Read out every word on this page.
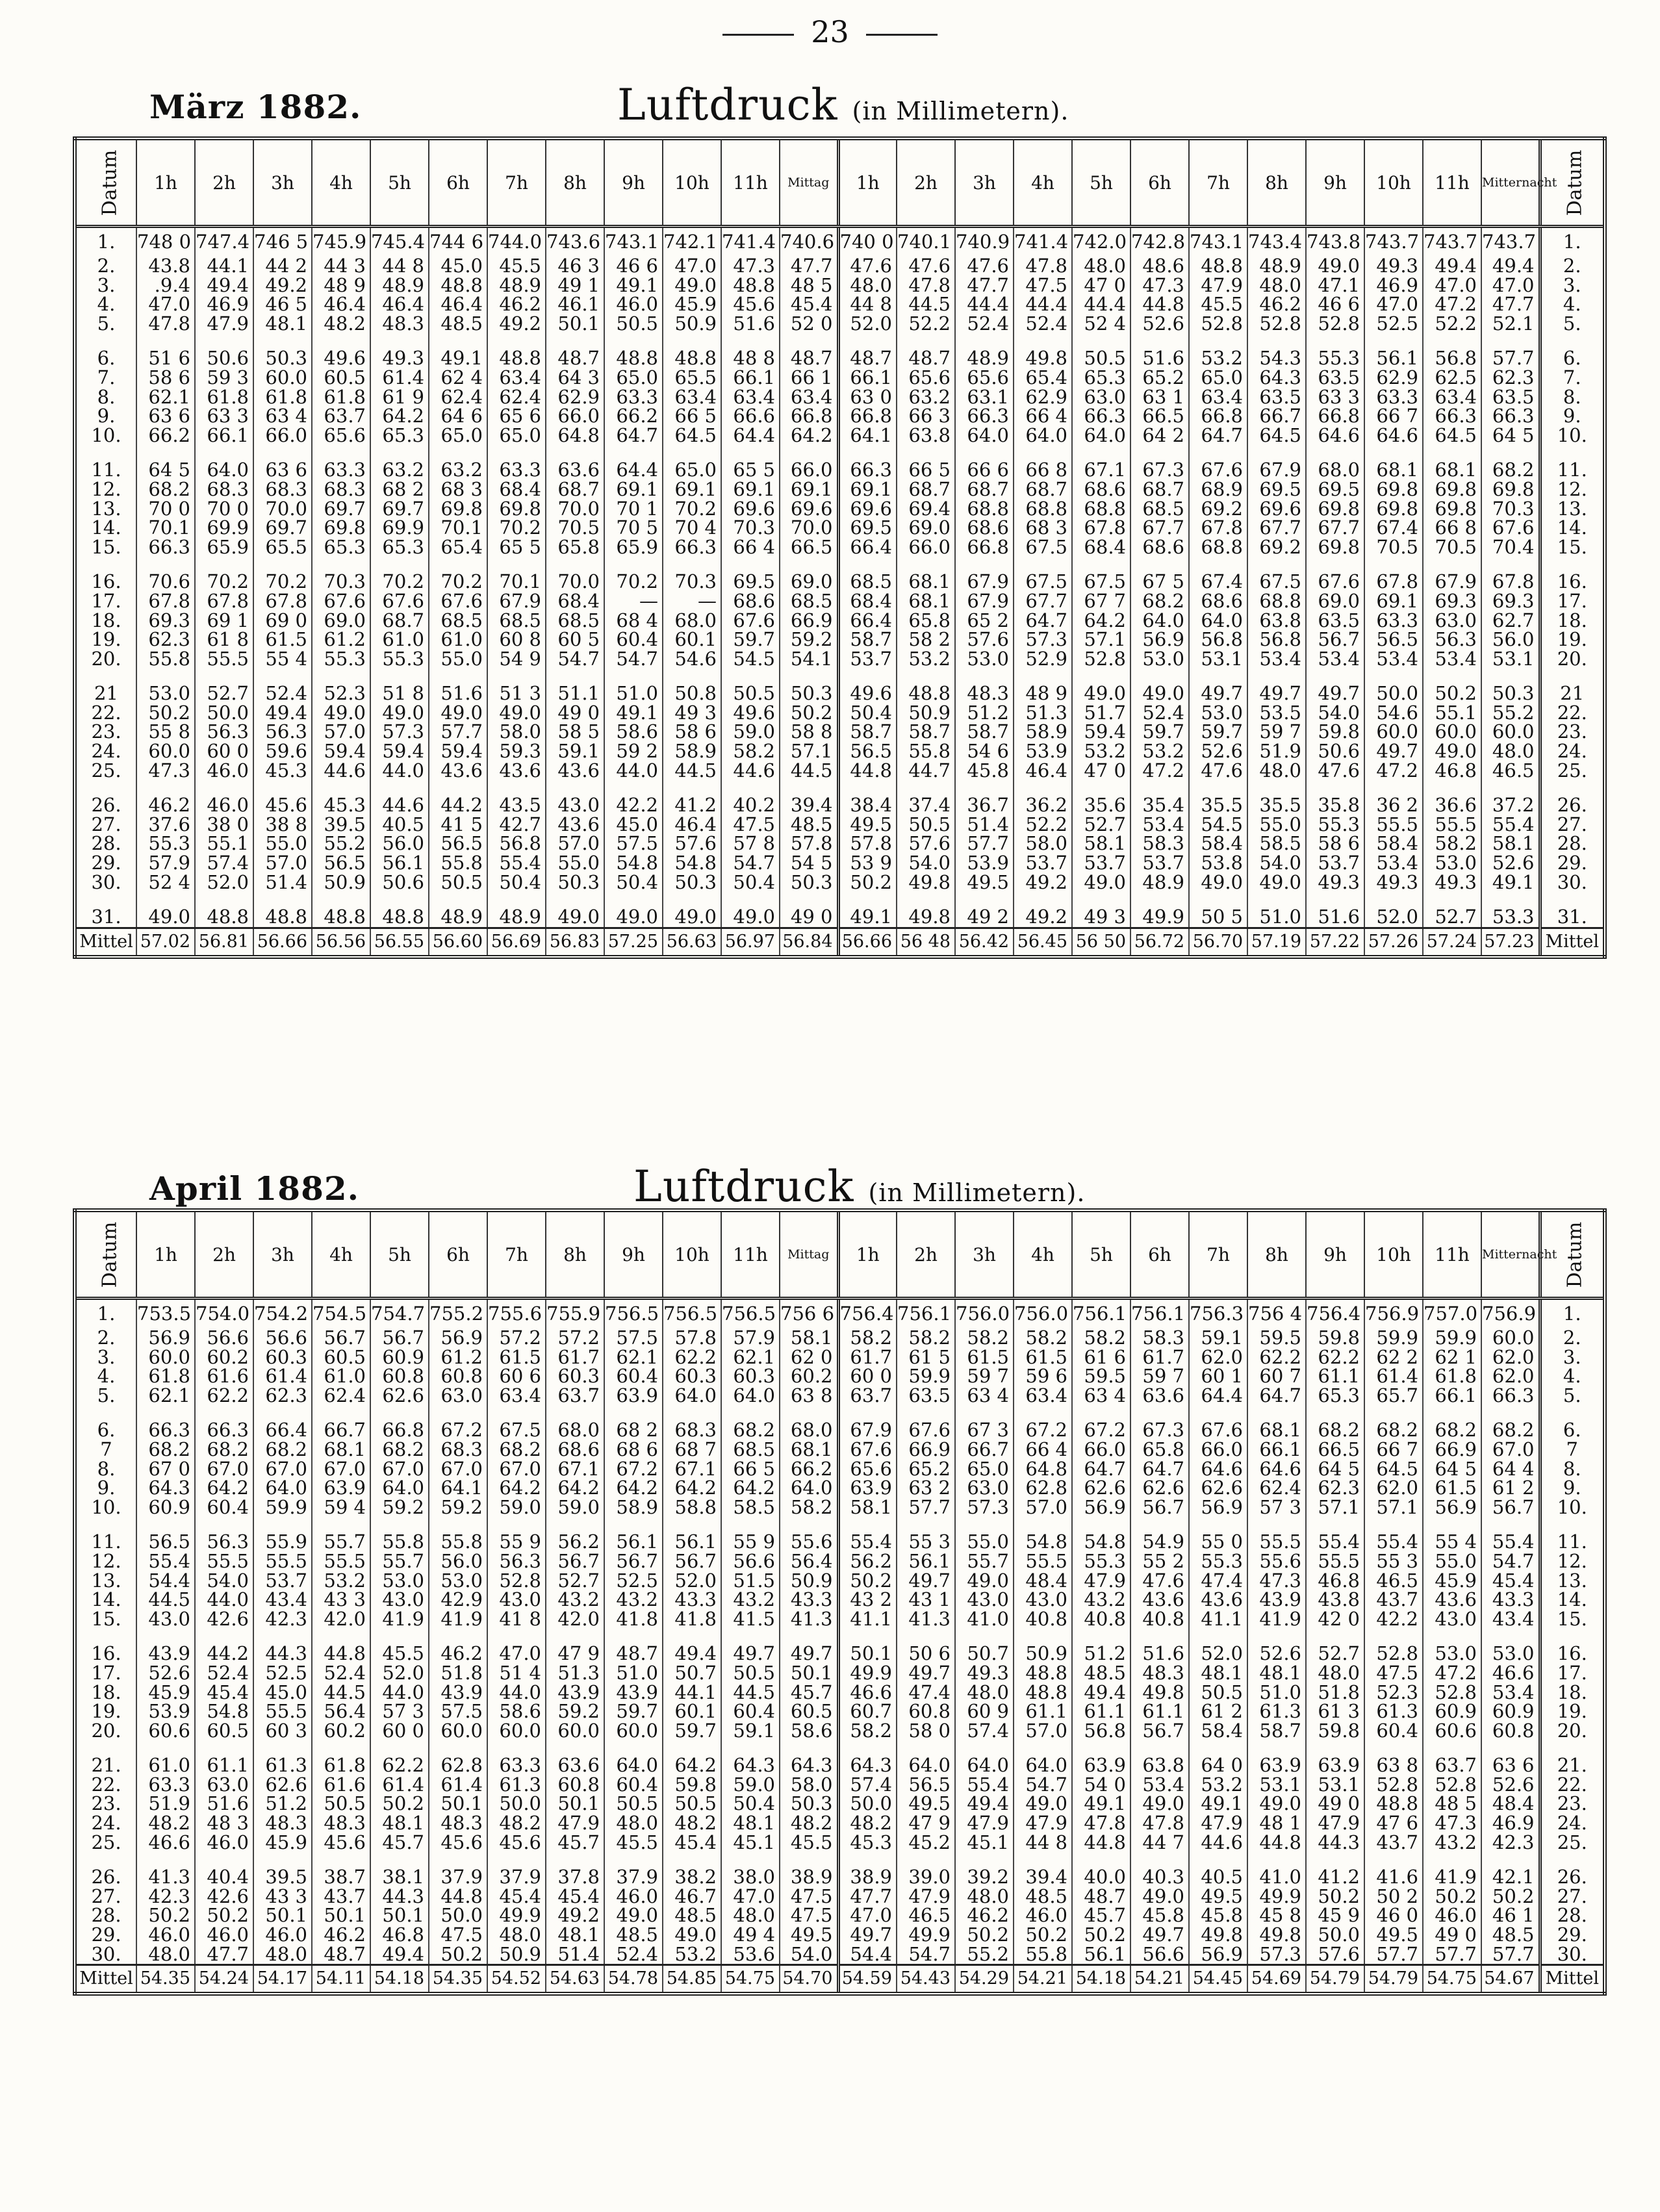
23
März 1882.	Luftdruck (in Millimetern).
Datum	1h	2h	3h	4h	5h	6h	7h	8h	9h	10h	11h	Mittag	1h	2h	3h	4h	5h	6h	7h	8h	9h	10h	11h	Mitternacht	Datum
1.	748 0	747.4	746 5	745.9	745.4	744 6	744.0	743.6	743.1	742.1	741.4	740.6	740 0	740.1	740.9	741.4	742.0	742.8	743.1	743.4	743.8	743.7	743.7	743.7	1.
2.	43.8	44.1	44 2	44 3	44 8	45.0	45.5	46 3	46 6	47.0	47.3	47.7	47.6	47.6	47.6	47.8	48.0	48.6	48.8	48.9	49.0	49.3	49.4	49.4	2.
3.	.9.4	49.4	49.2	48 9	48.9	48.8	48.9	49 1	49.1	49.0	48.8	48 5	48.0	47.8	47.7	47.5	47 0	47.3	47.9	48.0	47.1	46.9	47.0	47.0	3.
4.	47.0	46.9	46 5	46.4	46.4	46.4	46.2	46.1	46.0	45.9	45.6	45.4	44 8	44.5	44.4	44.4	44.4	44.8	45.5	46.2	46 6	47.0	47.2	47.7	4.
5.	47.8	47.9	48.1	48.2	48.3	48.5	49.2	50.1	50.5	50.9	51.6	52 0	52.0	52.2	52.4	52.4	52 4	52.6	52.8	52.8	52.8	52.5	52.2	52.1	5.

6.	51 6	50.6	50.3	49.6	49.3	49.1	48.8	48.7	48.8	48.8	48 8	48.7	48.7	48.7	48.9	49.8	50.5	51.6	53.2	54.3	55.3	56.1	56.8	57.7	6.
7.	58 6	59 3	60.0	60.5	61.4	62 4	63.4	64 3	65.0	65.5	66.1	66 1	66.1	65.6	65.6	65.4	65.3	65.2	65.0	64.3	63.5	62.9	62.5	62.3	7.
8.	62.1	61.8	61.8	61.8	61 9	62.4	62.4	62.9	63.3	63.4	63.4	63.4	63 0	63.2	63.1	62.9	63.0	63 1	63.4	63.5	63 3	63.3	63.4	63.5	8.
9.	63 6	63 3	63 4	63.7	64.2	64 6	65 6	66.0	66.2	66 5	66.6	66.8	66.8	66 3	66.3	66 4	66.3	66.5	66.8	66.7	66.8	66 7	66.3	66.3	9.
10.	66.2	66.1	66.0	65.6	65.3	65.0	65.0	64.8	64.7	64.5	64.4	64.2	64.1	63.8	64.0	64.0	64.0	64 2	64.7	64.5	64.6	64.6	64.5	64 5	10.

11.	64 5	64.0	63 6	63.3	63.2	63.2	63.3	63.6	64.4	65.0	65 5	66.0	66.3	66 5	66 6	66 8	67.1	67.3	67.6	67.9	68.0	68.1	68.1	68.2	11.
12.	68.2	68.3	68.3	68.3	68 2	68 3	68.4	68.7	69.1	69.1	69.1	69.1	69.1	68.7	68.7	68.7	68.6	68.7	68.9	69.5	69.5	69.8	69.8	69.8	12.
13.	70 0	70 0	70.0	69.7	69.7	69.8	69.8	70.0	70 1	70.2	69.6	69.6	69.6	69.4	68.8	68.8	68.8	68.5	69.2	69.6	69.8	69.8	69.8	70.3	13.
14.	70.1	69.9	69.7	69.8	69.9	70.1	70.2	70.5	70 5	70 4	70.3	70.0	69.5	69.0	68.6	68 3	67.8	67.7	67.8	67.7	67.7	67.4	66 8	67.6	14.
15.	66.3	65.9	65.5	65.3	65.3	65.4	65 5	65.8	65.9	66.3	66 4	66.5	66.4	66.0	66.8	67.5	68.4	68.6	68.8	69.2	69.8	70.5	70.5	70.4	15.

16.	70.6	70.2	70.2	70.3	70.2	70.2	70.1	70.0	70.2	70.3	69.5	69.0	68.5	68.1	67.9	67.5	67.5	67 5	67.4	67.5	67.6	67.8	67.9	67.8	16.
17.	67.8	67.8	67.8	67.6	67.6	67.6	67.9	68.4	—	—	68.6	68.5	68.4	68.1	67.9	67.7	67 7	68.2	68.6	68.8	69.0	69.1	69.3	69.3	17.
18.	69.3	69 1	69 0	69.0	68.7	68.5	68.5	68.5	68 4	68.0	67.6	66.9	66.4	65.8	65 2	64.7	64.2	64.0	64.0	63.8	63.5	63.3	63.0	62.7	18.
19.	62.3	61 8	61.5	61.2	61.0	61.0	60 8	60 5	60.4	60.1	59.7	59.2	58.7	58 2	57.6	57.3	57.1	56.9	56.8	56.8	56.7	56.5	56.3	56.0	19.
20.	55.8	55.5	55 4	55.3	55.3	55.0	54 9	54.7	54.7	54.6	54.5	54.1	53.7	53.2	53.0	52.9	52.8	53.0	53.1	53.4	53.4	53.4	53.4	53.1	20.

21	53.0	52.7	52.4	52.3	51 8	51.6	51 3	51.1	51.0	50.8	50.5	50.3	49.6	48.8	48.3	48 9	49.0	49.0	49.7	49.7	49.7	50.0	50.2	50.3	21
22.	50.2	50.0	49.4	49.0	49.0	49.0	49.0	49 0	49.1	49 3	49.6	50.2	50.4	50.9	51.2	51.3	51.7	52.4	53.0	53.5	54.0	54.6	55.1	55.2	22.
23.	55 8	56.3	56.3	57.0	57.3	57.7	58.0	58 5	58.6	58 6	59.0	58 8	58.7	58.7	58.7	58.9	59.4	59.7	59.7	59 7	59.8	60.0	60.0	60.0	23.
24.	60.0	60 0	59.6	59.4	59.4	59.4	59.3	59.1	59 2	58.9	58.2	57.1	56.5	55.8	54 6	53.9	53.2	53.2	52.6	51.9	50.6	49.7	49.0	48.0	24.
25.	47.3	46.0	45.3	44.6	44.0	43.6	43.6	43.6	44.0	44.5	44.6	44.5	44.8	44.7	45.8	46.4	47 0	47.2	47.6	48.0	47.6	47.2	46.8	46.5	25.

26.	46.2	46.0	45.6	45.3	44.6	44.2	43.5	43.0	42.2	41.2	40.2	39.4	38.4	37.4	36.7	36.2	35.6	35.4	35.5	35.5	35.8	36 2	36.6	37.2	26.
27.	37.6	38 0	38 8	39.5	40.5	41 5	42.7	43.6	45.0	46.4	47.5	48.5	49.5	50.5	51.4	52.2	52.7	53.4	54.5	55.0	55.3	55.5	55.5	55.4	27.
28.	55.3	55.1	55.0	55.2	56.0	56.5	56.8	57.0	57.5	57.6	57 8	57.8	57.8	57.6	57.7	58.0	58.1	58.3	58.4	58.5	58 6	58.4	58.2	58.1	28.
29.	57.9	57.4	57.0	56.5	56.1	55.8	55.4	55.0	54.8	54.8	54.7	54 5	53 9	54.0	53.9	53.7	53.7	53.7	53.8	54.0	53.7	53.4	53.0	52.6	29.
30.	52 4	52.0	51.4	50.9	50.6	50.5	50.4	50.3	50.4	50.3	50.4	50.3	50.2	49.8	49.5	49.2	49.0	48.9	49.0	49.0	49.3	49.3	49.3	49.1	30.

31.	49.0	48.8	48.8	48.8	48.8	48.9	48.9	49.0	49.0	49.0	49.0	49 0	49.1	49.8	49 2	49.2	49 3	49.9	50 5	51.0	51.6	52.0	52.7	53.3	31.
Mittel	57.02	56.81	56.66	56.56	56.55	56.60	56.69	56.83	57.25	56.63	56.97	56.84	56.66	56 48	56.42	56.45	56 50	56.72	56.70	57.19	57.22	57.26	57.24	57.23	Mittel
April 1882.	Luftdruck (in Millimetern).
Datum	1h	2h	3h	4h	5h	6h	7h	8h	9h	10h	11h	Mittag	1h	2h	3h	4h	5h	6h	7h	8h	9h	10h	11h	Mitternacht	Datum
1.	753.5	754.0	754.2	754.5	754.7	755.2	755.6	755.9	756.5	756.5	756.5	756 6	756.4	756.1	756.0	756.0	756.1	756.1	756.3	756 4	756.4	756.9	757.0	756.9	1.
2.	56.9	56.6	56.6	56.7	56.7	56.9	57.2	57.2	57.5	57.8	57.9	58.1	58.2	58.2	58.2	58.2	58.2	58.3	59.1	59.5	59.8	59.9	59.9	60.0	2.
3.	60.0	60.2	60.3	60.5	60.9	61.2	61.5	61.7	62.1	62.2	62.1	62 0	61.7	61 5	61.5	61.5	61 6	61.7	62.0	62.2	62.2	62 2	62 1	62.0	3.
4.	61.8	61.6	61.4	61.0	60.8	60.8	60 6	60.3	60.4	60.3	60.3	60.2	60 0	59.9	59 7	59 6	59.5	59 7	60 1	60 7	61.1	61.4	61.8	62.0	4.
5.	62.1	62.2	62.3	62.4	62.6	63.0	63.4	63.7	63.9	64.0	64.0	63 8	63.7	63.5	63 4	63.4	63 4	63.6	64.4	64.7	65.3	65.7	66.1	66.3	5.

6.	66.3	66.3	66.4	66.7	66.8	67.2	67.5	68.0	68 2	68.3	68.2	68.0	67.9	67.6	67 3	67.2	67.2	67.3	67.6	68.1	68.2	68.2	68.2	68.2	6.
7	68.2	68.2	68.2	68.1	68.2	68.3	68.2	68.6	68 6	68 7	68.5	68.1	67.6	66.9	66.7	66 4	66.0	65.8	66.0	66.1	66.5	66 7	66.9	67.0	7
8.	67 0	67.0	67.0	67.0	67.0	67.0	67.0	67.1	67.2	67.1	66 5	66.2	65.6	65.2	65.0	64.8	64.7	64.7	64.6	64.6	64 5	64.5	64 5	64 4	8.
9.	64.3	64.2	64.0	63.9	64.0	64.1	64.2	64.2	64.2	64.2	64.2	64.0	63.9	63 2	63.0	62.8	62.6	62.6	62.6	62.4	62.3	62.0	61.5	61 2	9.
10.	60.9	60.4	59.9	59 4	59.2	59.2	59.0	59.0	58.9	58.8	58.5	58.2	58.1	57.7	57.3	57.0	56.9	56.7	56.9	57 3	57.1	57.1	56.9	56.7	10.

11.	56.5	56.3	55.9	55.7	55.8	55.8	55 9	56.2	56.1	56.1	55 9	55.6	55.4	55 3	55.0	54.8	54.8	54.9	55 0	55.5	55.4	55.4	55 4	55.4	11.
12.	55.4	55.5	55.5	55.5	55.7	56.0	56.3	56.7	56.7	56.7	56.6	56.4	56.2	56.1	55.7	55.5	55.3	55 2	55.3	55.6	55.5	55 3	55.0	54.7	12.
13.	54.4	54.0	53.7	53.2	53.0	53.0	52.8	52.7	52.5	52.0	51.5	50.9	50.2	49.7	49.0	48.4	47.9	47.6	47.4	47.3	46.8	46.5	45.9	45.4	13.
14.	44.5	44.0	43.4	43 3	43.0	42.9	43.0	43.2	43.2	43.3	43.2	43.3	43 2	43 1	43.0	43.0	43.2	43.6	43.6	43.9	43.8	43.7	43.6	43.3	14.
15.	43.0	42.6	42.3	42.0	41.9	41.9	41 8	42.0	41.8	41.8	41.5	41.3	41.1	41.3	41.0	40.8	40.8	40.8	41.1	41.9	42 0	42.2	43.0	43.4	15.

16.	43.9	44.2	44.3	44.8	45.5	46.2	47.0	47 9	48.7	49.4	49.7	49.7	50.1	50 6	50.7	50.9	51.2	51.6	52.0	52.6	52.7	52.8	53.0	53.0	16.
17.	52.6	52.4	52.5	52.4	52.0	51.8	51 4	51.3	51.0	50.7	50.5	50.1	49.9	49.7	49.3	48.8	48.5	48.3	48.1	48.1	48.0	47.5	47.2	46.6	17.
18.	45.9	45.4	45.0	44.5	44.0	43.9	44.0	43.9	43.9	44.1	44.5	45.7	46.6	47.4	48.0	48.8	49.4	49.8	50.5	51.0	51.8	52.3	52.8	53.4	18.
19.	53.9	54.8	55.5	56.4	57 3	57.5	58.6	59.2	59.7	60.1	60.4	60.5	60.7	60.8	60 9	61.1	61.1	61.1	61 2	61.3	61 3	61.3	60.9	60.9	19.
20.	60.6	60.5	60 3	60.2	60 0	60.0	60.0	60.0	60.0	59.7	59.1	58.6	58.2	58 0	57.4	57.0	56.8	56.7	58.4	58.7	59.8	60.4	60.6	60.8	20.

21.	61.0	61.1	61.3	61.8	62.2	62.8	63.3	63.6	64.0	64.2	64.3	64.3	64.3	64.0	64.0	64.0	63.9	63.8	64 0	63.9	63.9	63 8	63.7	63 6	21.
22.	63.3	63.0	62.6	61.6	61.4	61.4	61.3	60.8	60.4	59.8	59.0	58.0	57.4	56.5	55.4	54.7	54 0	53.4	53.2	53.1	53.1	52.8	52.8	52.6	22.
23.	51.9	51.6	51.2	50.5	50.2	50.1	50.0	50.1	50.5	50.5	50.4	50.3	50.0	49.5	49.4	49.0	49.1	49.0	49.1	49.0	49 0	48.8	48 5	48.4	23.
24.	48.2	48 3	48.3	48.3	48.1	48.3	48.2	47.9	48.0	48.2	48.1	48.2	48.2	47 9	47.9	47.9	47.8	47.8	47.9	48 1	47.9	47 6	47.3	46.9	24.
25.	46.6	46.0	45.9	45.6	45.7	45.6	45.6	45.7	45.5	45.4	45.1	45.5	45.3	45.2	45.1	44 8	44.8	44 7	44.6	44.8	44.3	43.7	43.2	42.3	25.

26.	41.3	40.4	39.5	38.7	38.1	37.9	37.9	37.8	37.9	38.2	38.0	38.9	38.9	39.0	39.2	39.4	40.0	40.3	40.5	41.0	41.2	41.6	41.9	42.1	26.
27.	42.3	42.6	43 3	43.7	44.3	44.8	45.4	45.4	46.0	46.7	47.0	47.5	47.7	47.9	48.0	48.5	48.7	49.0	49.5	49.9	50.2	50 2	50.2	50.2	27.
28.	50.2	50.2	50.1	50.1	50.1	50.0	49.9	49.2	49.0	48.5	48.0	47.5	47.0	46.5	46.2	46.0	45.7	45.8	45.8	45 8	45 9	46 0	46.0	46 1	28.
29.	46.0	46.0	46.0	46.2	46.8	47.5	48.0	48.1	48.5	49.0	49 4	49.5	49.7	49.9	50.2	50.2	50.2	49.7	49.8	49.8	50.0	49.5	49 0	48.5	29.
30.	48.0	47.7	48.0	48.7	49.4	50.2	50.9	51.4	52.4	53.2	53.6	54.0	54.4	54.7	55.2	55.8	56.1	56.6	56.9	57.3	57.6	57.7	57.7	57.7	30.
Mittel	54.35	54.24	54.17	54.11	54.18	54.35	54.52	54.63	54.78	54.85	54.75	54.70	54.59	54.43	54.29	54.21	54.18	54.21	54.45	54.69	54.79	54.79	54.75	54.67	Mittel
